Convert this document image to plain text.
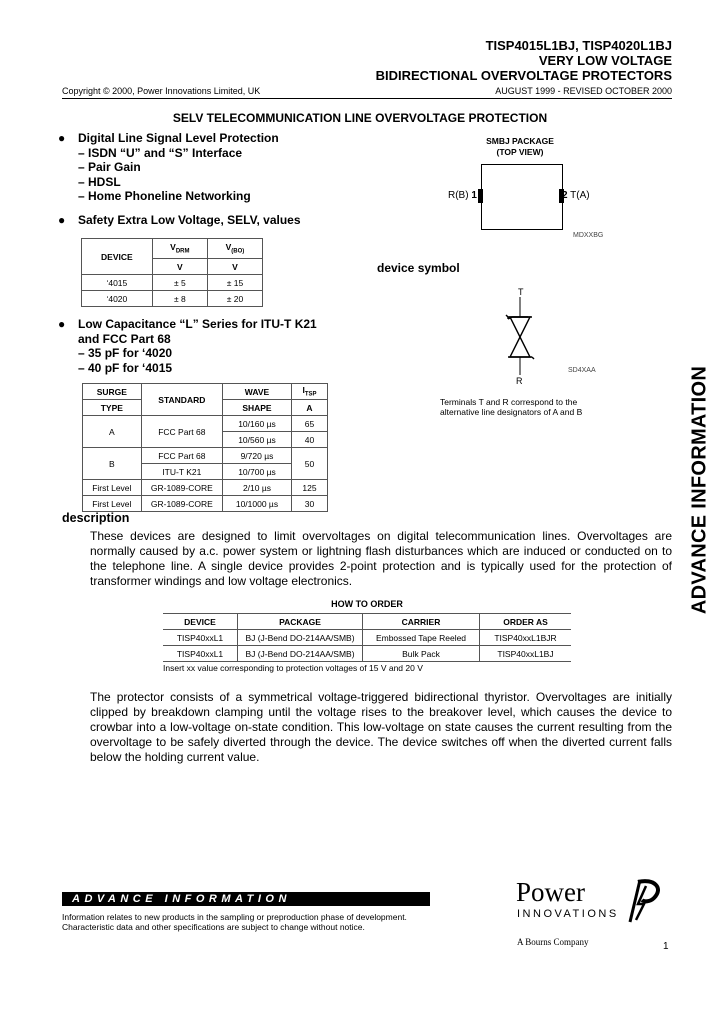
TISP4015L1BJ, TISP4020L1BJ
VERY LOW VOLTAGE
BIDIRECTIONAL OVERVOLTAGE PROTECTORS
Copyright © 2000, Power Innovations Limited, UK	AUGUST 1999 - REVISED OCTOBER 2000
SELV TELECOMMUNICATION LINE OVERVOLTAGE PROTECTION
● Digital Line Signal Level Protection
– ISDN “U” and “S” Interface
– Pair Gain
– HDSL
– Home Phoneline Networking
● Safety Extra Low Voltage, SELV, values
DEVICE	$V_{DRM}$	$V_{(BO)}$
	V	V
‘4015	± 5	± 15
‘4020	± 8	± 20
● Low Capacitance “L” Series for ITU-T K21
and FCC Part 68
– 35 pF for ‘4020
– 40 pF for ‘4015
SURGE	STANDARD	WAVE	$I_{TSP}$
TYPE		SHAPE	A
A	FCC Part 68	10/160 µs	65
		10/560 µs	40
B	FCC Part 68	9/720 µs	50
	ITU-T K21	10/700 µs	
First Level	GR-1089-CORE	2/10 µs	125
First Level	GR-1089-CORE	10/1000 µs	30
SMBJ PACKAGE
(TOP VIEW)
R(B) 1	2 T(A)
MDXXBG
device symbol
T
R
SD4XAA
Terminals T and R correspond to the
alternative line designators of A and B
description
These devices are designed to limit overvoltages on digital telecommunication lines. Overvoltages are normally caused by a.c. power system or lightning flash disturbances which are induced or conducted on to the telephone line. A single device provides 2-point protection and is typically used for the protection of transformer windings and low voltage electronics.
HOW TO ORDER
DEVICE	PACKAGE	CARRIER	ORDER AS
TISP40xxL1	BJ (J-Bend DO-214AA/SMB)	Embossed Tape Reeled	TISP40xxL1BJR
TISP40xxL1	BJ (J-Bend DO-214AA/SMB)	Bulk Pack	TISP40xxL1BJ
Insert xx value corresponding to protection voltages of 15 V and 20 V
The protector consists of a symmetrical voltage-triggered bidirectional thyristor. Overvoltages are initially clipped by breakdown clamping until the voltage rises to the breakover level, which causes the device to crowbar into a low-voltage on-state condition. This low-voltage on state causes the current resulting from the overvoltage to be safely diverted through the device. The device switches off when the diverted current falls below the holding current value.
ADVANCE INFORMATION
ADVANCE INFORMATION
Information relates to new products in the sampling or preproduction phase of development.
Characteristic data and other specifications are subject to change without notice.
Power
INNOVATIONS
A Bourns Company	1
